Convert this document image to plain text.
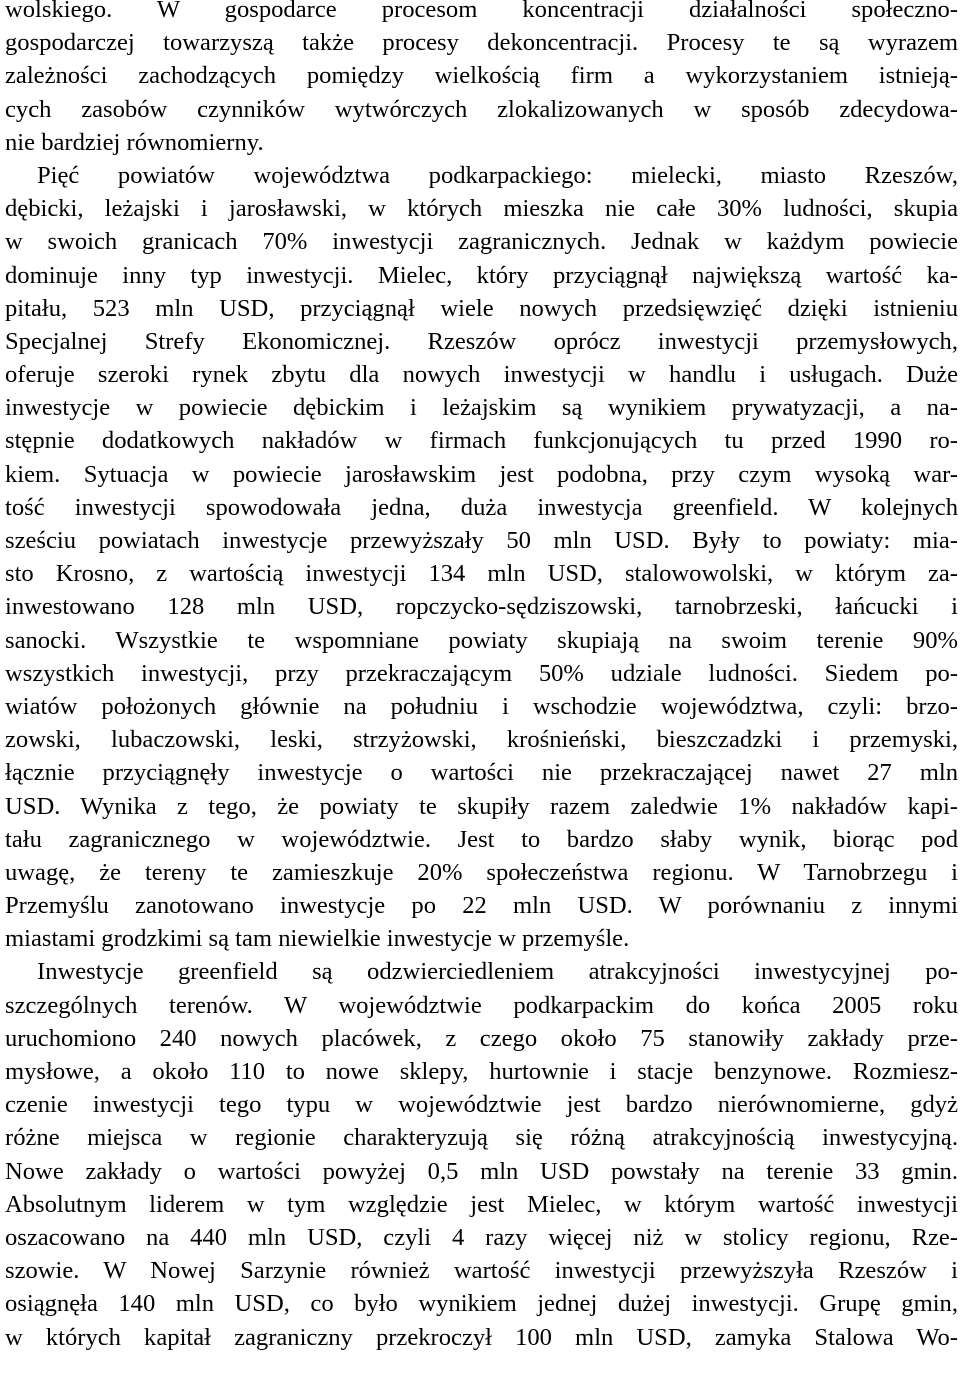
wolskiego. W gospodarce procesom koncentracji działalności społeczno-
gospodarczej towarzyszą także procesy dekoncentracji. Procesy te są wyrazem
zależności zachodzących pomiędzy wielkością firm a wykorzystaniem istnieją-
cych zasobów czynników wytwórczych zlokalizowanych w sposób zdecydowa-
nie bardziej równomierny.
Pięć powiatów województwa podkarpackiego: mielecki, miasto Rzeszów,
dębicki, leżajski i jarosławski, w których mieszka nie całe 30% ludności, skupia
w swoich granicach 70% inwestycji zagranicznych. Jednak w każdym powiecie
dominuje inny typ inwestycji. Mielec, który przyciągnął największą wartość ka-
pitału, 523 mln USD, przyciągnął wiele nowych przedsięwzięć dzięki istnieniu
Specjalnej Strefy Ekonomicznej. Rzeszów oprócz inwestycji przemysłowych,
oferuje szeroki rynek zbytu dla nowych inwestycji w handlu i usługach. Duże
inwestycje w powiecie dębickim i leżajskim są wynikiem prywatyzacji, a na-
stępnie dodatkowych nakładów w firmach funkcjonujących tu przed 1990 ro-
kiem. Sytuacja w powiecie jarosławskim jest podobna, przy czym wysoką war-
tość inwestycji spowodowała jedna, duża inwestycja greenfield. W kolejnych
sześciu powiatach inwestycje przewyższały 50 mln USD. Były to powiaty: mia-
sto Krosno, z wartością inwestycji 134 mln USD, stalowowolski, w którym za-
inwestowano 128 mln USD, ropczycko-sędziszowski, tarnobrzeski, łańcucki i
sanocki. Wszystkie te wspomniane powiaty skupiają na swoim terenie 90%
wszystkich inwestycji, przy przekraczającym 50% udziale ludności. Siedem po-
wiatów położonych głównie na południu i wschodzie województwa, czyli: brzo-
zowski, lubaczowski, leski, strzyżowski, krośnieński, bieszczadzki i przemyski,
łącznie przyciągnęły inwestycje o wartości nie przekraczającej nawet 27 mln
USD. Wynika z tego, że powiaty te skupiły razem zaledwie 1% nakładów kapi-
tału zagranicznego w województwie. Jest to bardzo słaby wynik, biorąc pod
uwagę, że tereny te zamieszkuje 20% społeczeństwa regionu. W Tarnobrzegu i
Przemyślu zanotowano inwestycje po 22 mln USD. W porównaniu z innymi
miastami grodzkimi są tam niewielkie inwestycje w przemyśle.
Inwestycje greenfield są odzwierciedleniem atrakcyjności inwestycyjnej po-
szczególnych terenów. W województwie podkarpackim do końca 2005 roku
uruchomiono 240 nowych placówek, z czego około 75 stanowiły zakłady prze-
mysłowe, a około 110 to nowe sklepy, hurtownie i stacje benzynowe. Rozmiesz-
czenie inwestycji tego typu w województwie jest bardzo nierównomierne, gdyż
różne miejsca w regionie charakteryzują się różną atrakcyjnością inwestycyjną.
Nowe zakłady o wartości powyżej 0,5 mln USD powstały na terenie 33 gmin.
Absolutnym liderem w tym względzie jest Mielec, w którym wartość inwestycji
oszacowano na 440 mln USD, czyli 4 razy więcej niż w stolicy regionu, Rze-
szowie. W Nowej Sarzynie również wartość inwestycji przewyższyła Rzeszów i
osiągnęła 140 mln USD, co było wynikiem jednej dużej inwestycji. Grupę gmin,
w których kapitał zagraniczny przekroczył 100 mln USD, zamyka Stalowa Wo-
